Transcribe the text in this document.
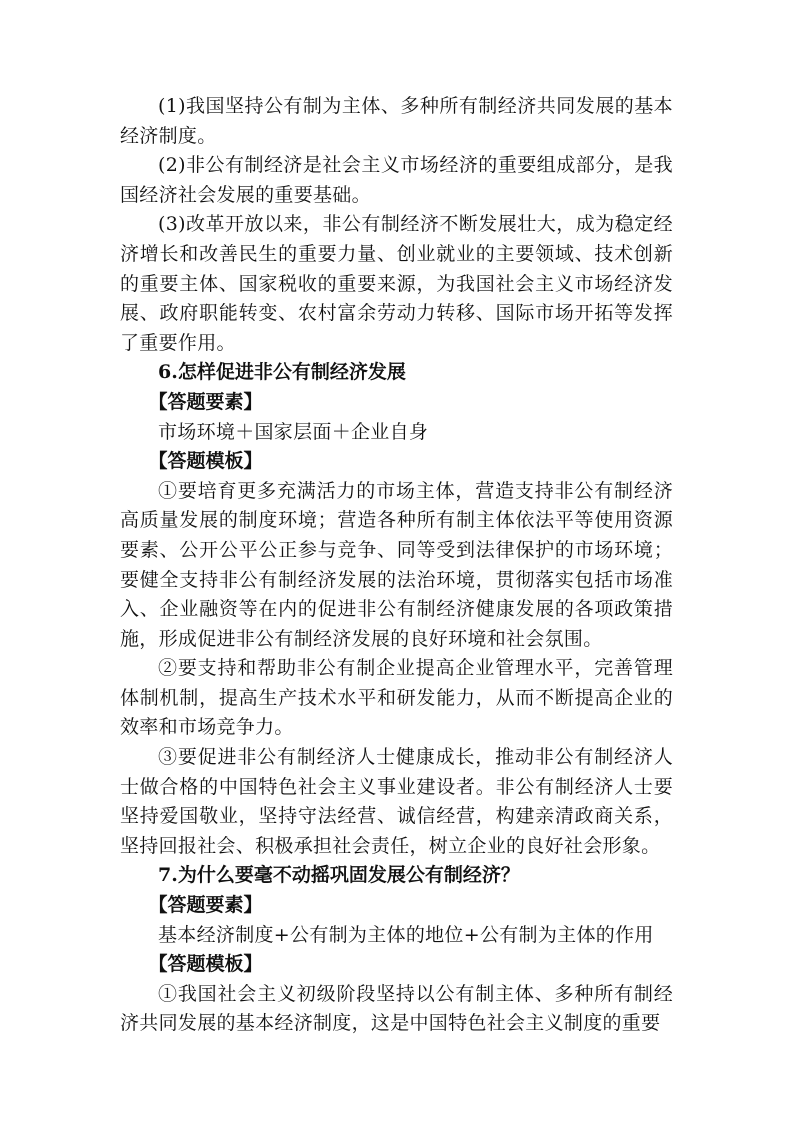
(1)我国坚持公有制为主体、多种所有制经济共同发展的基本经济制度。

(2)非公有制经济是社会主义市场经济的重要组成部分，是我国经济社会发展的重要基础。

(3)改革开放以来，非公有制经济不断发展壮大，成为稳定经济增长和改善民生的重要力量、创业就业的主要领域、技术创新的重要主体、国家税收的重要来源，为我国社会主义市场经济发展、政府职能转变、农村富余劳动力转移、国际市场开拓等发挥了重要作用。

6.怎样促进非公有制经济发展

【答题要素】

市场环境＋国家层面＋企业自身

【答题模板】

①要培育更多充满活力的市场主体，营造支持非公有制经济高质量发展的制度环境；营造各种所有制主体依法平等使用资源要素、公开公平公正参与竞争、同等受到法律保护的市场环境；要健全支持非公有制经济发展的法治环境，贯彻落实包括市场准入、企业融资等在内的促进非公有制经济健康发展的各项政策措施，形成促进非公有制经济发展的良好环境和社会氛围。

②要支持和帮助非公有制企业提高企业管理水平，完善管理体制机制，提高生产技术水平和研发能力，从而不断提高企业的效率和市场竞争力。

③要促进非公有制经济人士健康成长，推动非公有制经济人士做合格的中国特色社会主义事业建设者。非公有制经济人士要坚持爱国敬业，坚持守法经营、诚信经营，构建亲清政商关系，坚持回报社会、积极承担社会责任，树立企业的良好社会形象。

7.为什么要毫不动摇巩固发展公有制经济？

【答题要素】

基本经济制度+公有制为主体的地位+公有制为主体的作用

【答题模板】

①我国社会主义初级阶段坚持以公有制主体、多种所有制经济共同发展的基本经济制度，这是中国特色社会主义制度的重要
